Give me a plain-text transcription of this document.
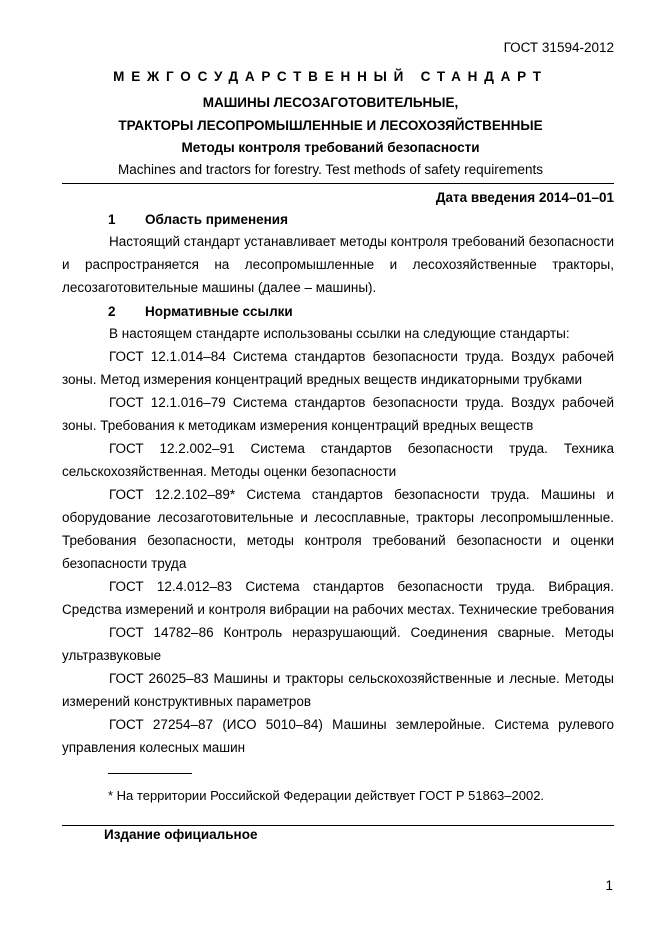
ГОСТ 31594-2012
МЕЖГОСУДАРСТВЕННЫЙ СТАНДАРТ
МАШИНЫ ЛЕСОЗАГОТОВИТЕЛЬНЫЕ,
ТРАКТОРЫ ЛЕСОПРОМЫШЛЕННЫЕ И ЛЕСОХОЗЯЙСТВЕННЫЕ
Методы контроля требований безопасности
Machines and tractors for forestry. Test methods of safety requirements
Дата введения 2014–01–01
1 Область применения
Настоящий стандарт устанавливает методы контроля требований безопасности
и распространяется на лесопромышленные и лесохозяйственные тракторы,
лесозаготовительные машины (далее – машины).
2 Нормативные ссылки
В настоящем стандарте использованы ссылки на следующие стандарты:
ГОСТ 12.1.014–84 Система стандартов безопасности труда. Воздух рабочей
зоны. Метод измерения концентраций вредных веществ индикаторными трубками
ГОСТ 12.1.016–79 Система стандартов безопасности труда. Воздух рабочей
зоны. Требования к методикам измерения концентраций вредных веществ
ГОСТ 12.2.002–91 Система стандартов безопасности труда. Техника
сельскохозяйственная. Методы оценки безопасности
ГОСТ 12.2.102–89* Система стандартов безопасности труда. Машины и
оборудование лесозаготовительные и лесосплавные, тракторы лесопромышленные.
Требования безопасности, методы контроля требований безопасности и оценки
безопасности труда
ГОСТ 12.4.012–83 Система стандартов безопасности труда. Вибрация.
Средства измерений и контроля вибрации на рабочих местах. Технические требования
ГОСТ 14782–86 Контроль неразрушающий. Соединения сварные. Методы
ультразвуковые
ГОСТ 26025–83 Машины и тракторы сельскохозяйственные и лесные. Методы
измерений конструктивных параметров
ГОСТ 27254–87 (ИСО 5010–84) Машины землеройные. Система рулевого
управления колесных машин
* На территории Российской Федерации действует ГОСТ Р 51863–2002.
Издание официальное
1
